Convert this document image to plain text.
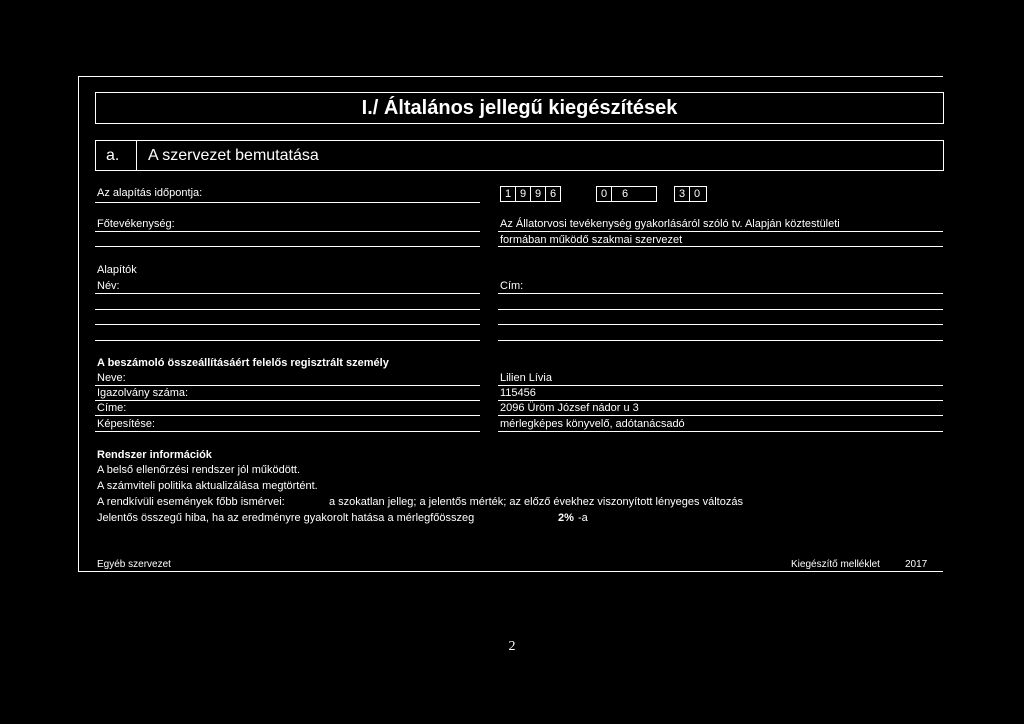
I./ Általános jellegű kiegészítések
a. A szervezet bemutatása
Az alapítás időpontja:	1 9 9 6	0	6	3 0
Főtevékenység:	Az Állatorvosi tevékenység gyakorlásáról szóló tv. Alapján köztestületi
formában működő szakmai szervezet
Alapítók
Név:	Cím:
A beszámoló összeállításáért felelős regisztrált személy
Neve:	Lilien Lívia
Igazolvány száma:	115456
Címe:	2096 Üröm József nádor u 3
Képesítése:	mérlegképes könyvelő, adótanácsadó
Rendszer információk
A belső ellenőrzési rendszer jól működött.
A számviteli politika aktualizálása megtörtént.
A rendkívüli események főbb ismérvei:	a szokatlan jelleg; a jelentős mérték; az előző évekhez viszonyított lényeges változás
Jelentős összegű hiba, ha az eredményre gyakorolt hatása a mérlegfőösszeg	2% -a
Egyéb szervezet	Kiegészítő melléklet	2017
2
